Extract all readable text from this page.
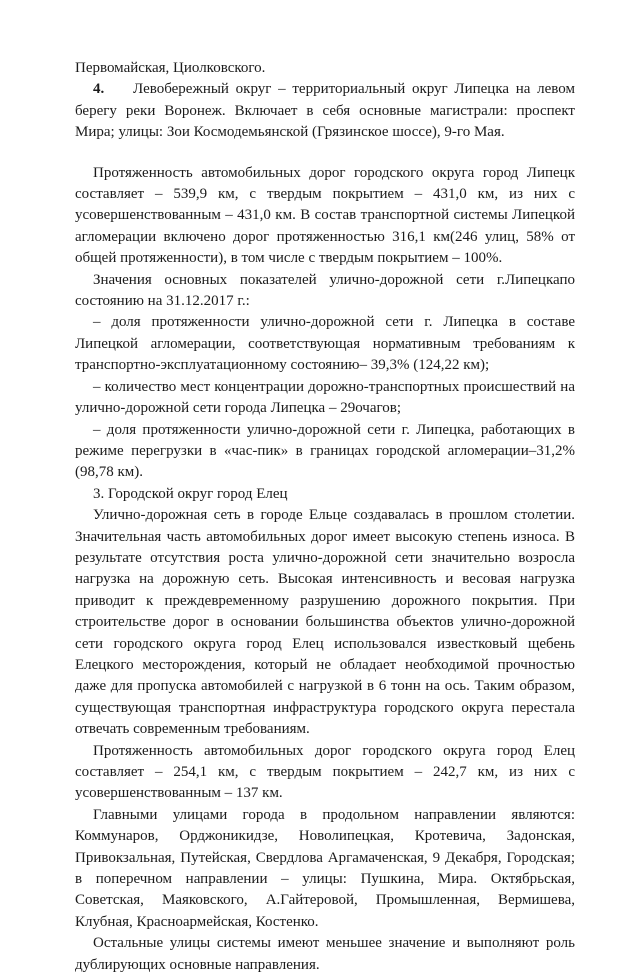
Первомайская, Циолковского.

4. Левобережный округ – территориальный округ Липецка на левом берегу реки Воронеж. Включает в себя основные магистрали: проспект Мира; улицы: Зои Космодемьянской (Грязинское шоссе), 9-го Мая.

Протяженность автомобильных дорог городского округа город Липецк составляет – 539,9 км, с твердым покрытием – 431,0 км, из них с усовершенствованным – 431,0 км. В состав транспортной системы Липецкой агломерации включено дорог протяженностью 316,1 км(246 улиц, 58% от общей протяженности), в том числе с твердым покрытием – 100%.

Значения основных показателей улично-дорожной сети г.Липецкапо состоянию на 31.12.2017 г.:

– доля протяженности улично-дорожной сети г. Липецка в составе Липецкой агломерации, соответствующая нормативным требованиям к транспортно-эксплуатационному состоянию– 39,3% (124,22 км);

– количество мест концентрации дорожно-транспортных происшествий на улично-дорожной сети города Липецка – 29очагов;

– доля протяженности улично-дорожной сети г. Липецка, работающих в режиме перегрузки в «час-пик» в границах городской агломерации–31,2%(98,78 км).

3. Городской округ город Елец

Улично-дорожная сеть в городе Ельце создавалась в прошлом столетии. Значительная часть автомобильных дорог имеет высокую степень износа. В результате отсутствия роста улично-дорожной сети значительно возросла нагрузка на дорожную сеть. Высокая интенсивность и весовая нагрузка приводит к преждевременному разрушению дорожного покрытия. При строительстве дорог в основании большинства объектов улично-дорожной сети городского округа город Елец использовался известковый щебень Елецкого месторождения, который не обладает необходимой прочностью даже для пропуска автомобилей с нагрузкой в 6 тонн на ось. Таким образом, существующая транспортная инфраструктура городского округа перестала отвечать современным требованиям.

Протяженность автомобильных дорог городского округа город Елец составляет – 254,1 км, с твердым покрытием – 242,7 км, из них с усовершенствованным – 137 км.

Главными улицами города в продольном направлении являются: Коммунаров, Орджоникидзе, Новолипецкая, Кротевича, Задонская, Привокзальная, Путейская, Свердлова Аргамаченская, 9 Декабря, Городская; в поперечном направлении – улицы: Пушкина, Мира. Октябрьская, Советская, Маяковского, А.Гайтеровой, Промышленная, Вермишева, Клубная, Красноармейская, Костенко.

Остальные улицы системы имеют меньшее значение и выполняют роль дублирующих основные направления.
